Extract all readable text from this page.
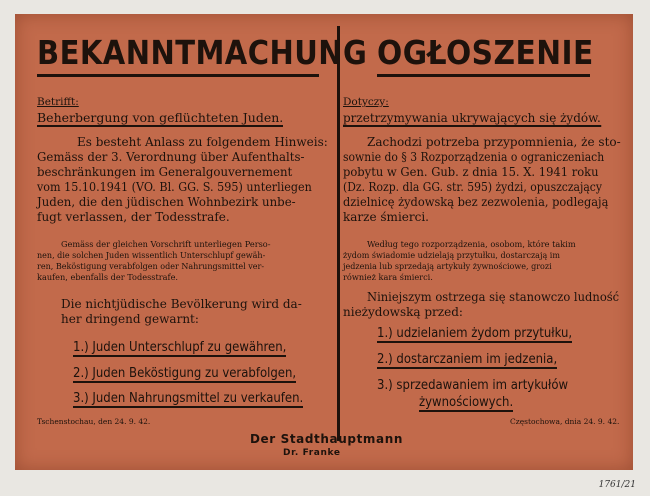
BEKANNTMACHUNG
Betrifft:
Beherbergung von geflüchteten Juden.
Es besteht Anlass zu folgendem Hinweis:
Gemäss der 3. Verordnung über Aufenthalts-
beschränkungen im Generalgouvernement
vom 15.10.1941 (VO. Bl. GG. S. 595) unterliegen
Juden, die den jüdischen Wohnbezirk unbe-
fugt verlassen, der Todesstrafe.
Gemäss der gleichen Vorschrift unterliegen Perso-
nen, die solchen Juden wissentlich Unterschlupf gewäh-
ren, Beköstigung verabfolgen oder Nahrungsmittel ver-
kaufen, ebenfalls der Todesstrafe.
Die nichtjüdische Bevölkerung wird da-
her dringend gewarnt:
1.) Juden Unterschlupf zu gewähren,
2.) Juden Beköstigung zu verabfolgen,
3.) Juden Nahrungsmittel zu verkaufen.
Tschenstochau, den 24. 9. 42.
OGŁOSZENIE
Dotyczy:
przetrzymywania ukrywających się żydów.
Zachodzi potrzeba przypomnienia, że sto-
sownie do § 3 Rozporządzenia o ograniczeniach
pobytu w Gen. Gub. z dnia 15. X. 1941 roku
(Dz. Rozp. dla GG. str. 595) żydzi, opuszczający
dzielnicę żydowską bez zezwolenia, podlegają
karze śmierci.
Według tego rozporządzenia, osobom, które takim
żydom świadomie udzielają przytułku, dostarczają im
jedzenia lub sprzedają artykuły żywnościowe, grozi
również kara śmierci.
Niniejszym ostrzega się stanowczo ludność
nieżydowską przed:
1.) udzielaniem żydom przytułku,
2.) dostarczaniem im jedzenia,
3.) sprzedawaniem im artykułów
żywnościowych.
Częstochowa, dnia 24. 9. 42.
Der Stadthauptmann
Dr. Franke
1761/21
